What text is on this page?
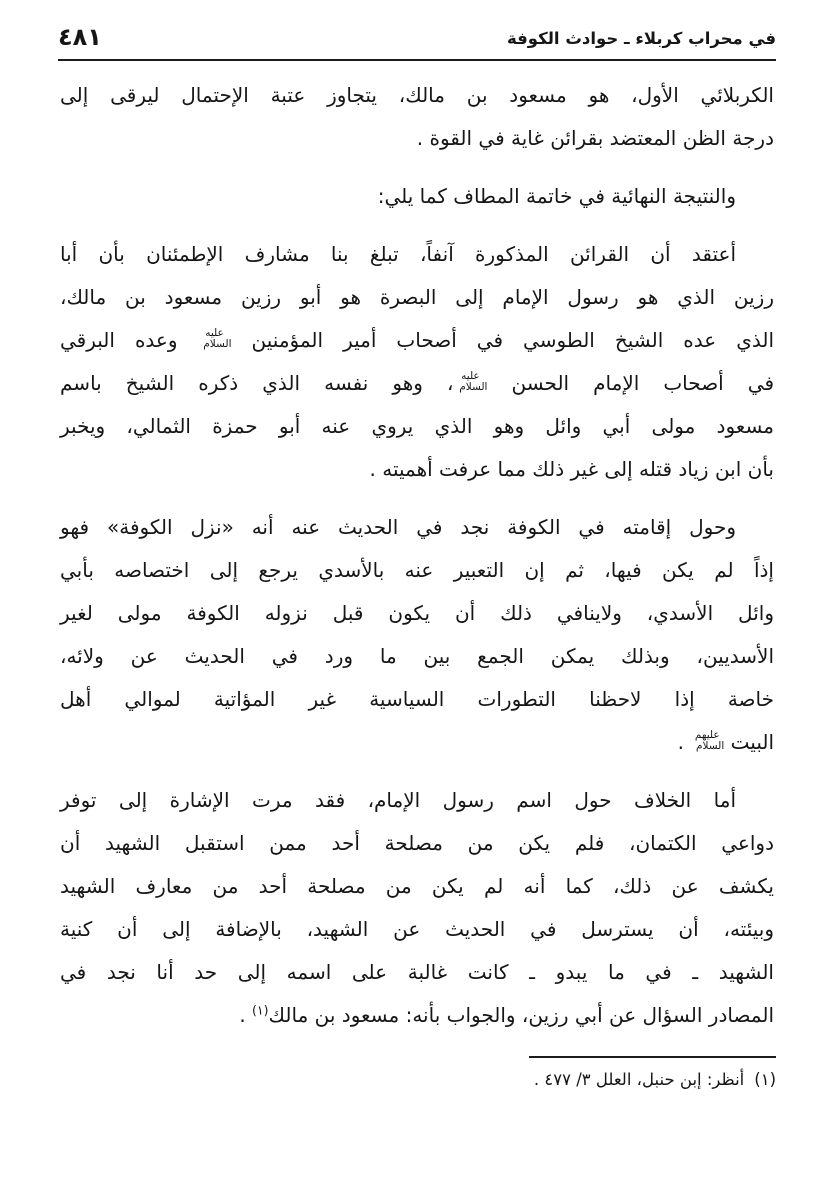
في محراب كربلاء ـ حوادث الكوفة
٤٨١
الكربلائي الأول، هو مسعود بن مالك، يتجاوز عتبة الإحتمال ليرقى إلى
درجة الظن المعتضد بقرائن غاية في القوة .
والنتيجة النهائية في خاتمة المطاف كما يلي:
أعتقد أن القرائن المذكورة آنفاً، تبلغ بنا مشارف الإطمئنان بأن أبا
رزين الذي هو رسول الإمام إلى البصرة هو أبو رزين مسعود بن مالك،
الذي عده الشيخ الطوسي في أصحاب أمير المؤمنين عليه السلام وعده البرقي
في أصحاب الإمام الحسن عليه السلام، وهو نفسه الذي ذكره الشيخ باسم
مسعود مولى أبي وائل وهو الذي يروي عنه أبو حمزة الثمالي، ويخبر
بأن ابن زياد قتله إلى غير ذلك مما عرفت أهميته .
وحول إقامته في الكوفة نجد في الحديث عنه أنه «نزل الكوفة» فهو
إذاً لم يكن فيها، ثم إن التعبير عنه بالأسدي يرجع إلى اختصاصه بأبي
وائل الأسدي، ولاينافي ذلك أن يكون قبل نزوله الكوفة مولى لغير
الأسديين، وبذلك يمكن الجمع بين ما ورد في الحديث عن ولائه،
خاصة إذا لاحظنا التطورات السياسية غير المؤاتية لموالي أهل
البيت عليهم السلام .
أما الخلاف حول اسم رسول الإمام، فقد مرت الإشارة إلى توفر
دواعي الكتمان، فلم يكن من مصلحة أحد ممن استقبل الشهيد أن
يكشف عن ذلك، كما أنه لم يكن من مصلحة أحد من معارف الشهيد
وبيئته، أن يسترسل في الحديث عن الشهيد، بالإضافة إلى أن كنية
الشهيد ـ في ما يبدو ـ كانت غالبة على اسمه إلى حد أنا نجد في
المصادر السؤال عن أبي رزين، والجواب بأنه: مسعود بن مالك$^{(١)}$ .
(١)أنظر: إبن حنبل، العلل ٣/ ٤٧٧ .
